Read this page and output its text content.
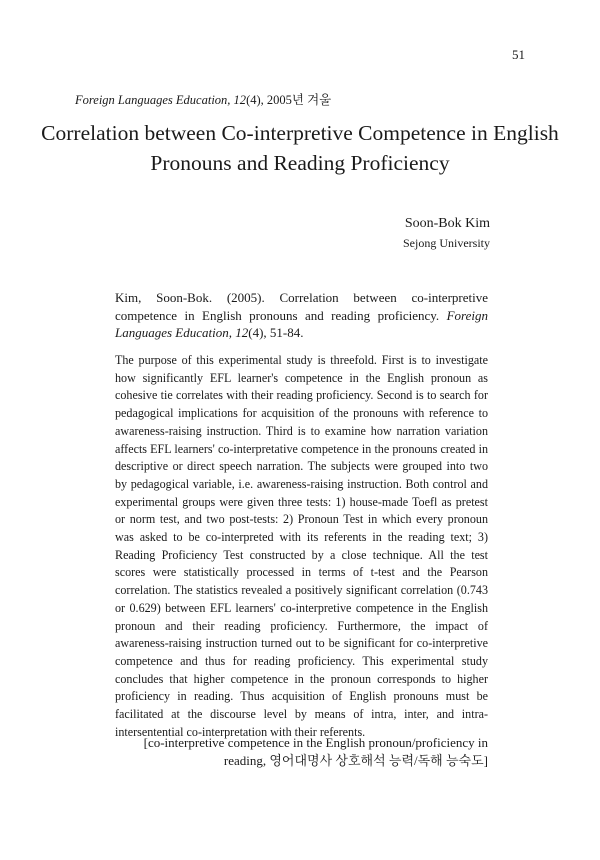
51
Foreign Languages Education, 12(4), 2005년 겨울
Correlation between Co-interpretive Competence in English Pronouns and Reading Proficiency
Soon-Bok Kim
Sejong University
Kim, Soon-Bok. (2005). Correlation between co-interpretive competence in English pronouns and reading proficiency. Foreign Languages Education, 12(4), 51-84.

The purpose of this experimental study is threefold. First is to investigate how significantly EFL learner's competence in the English pronoun as cohesive tie correlates with their reading proficiency. Second is to search for pedagogical implications for acquisition of the pronouns with reference to awareness-raising instruction. Third is to examine how narration variation affects EFL learners' co-interpretative competence in the pronouns created in descriptive or direct speech narration. The subjects were grouped into two by pedagogical variable, i.e. awareness-raising instruction. Both control and experimental groups were given three tests: 1) house-made Toefl as pretest or norm test, and two post-tests: 2) Pronoun Test in which every pronoun was asked to be co-interpreted with its referents in the reading text; 3) Reading Proficiency Test constructed by a close technique. All the test scores were statistically processed in terms of t-test and the Pearson correlation. The statistics revealed a positively significant correlation (0.743 or 0.629) between EFL learners' co-interpretive competence in the English pronoun and their reading proficiency. Furthermore, the impact of awareness-raising instruction turned out to be significant for co-interpretive competence and thus for reading proficiency. This experimental study concludes that higher competence in the pronoun corresponds to higher proficiency in reading. Thus acquisition of English pronouns must be facilitated at the discourse level by means of intra, inter, and intra-intersentential co-interpretation with their referents.

[co-interpretive competence in the English pronoun/proficiency in reading, 영어대명사 상호해석 능력/독해 능숙도]
